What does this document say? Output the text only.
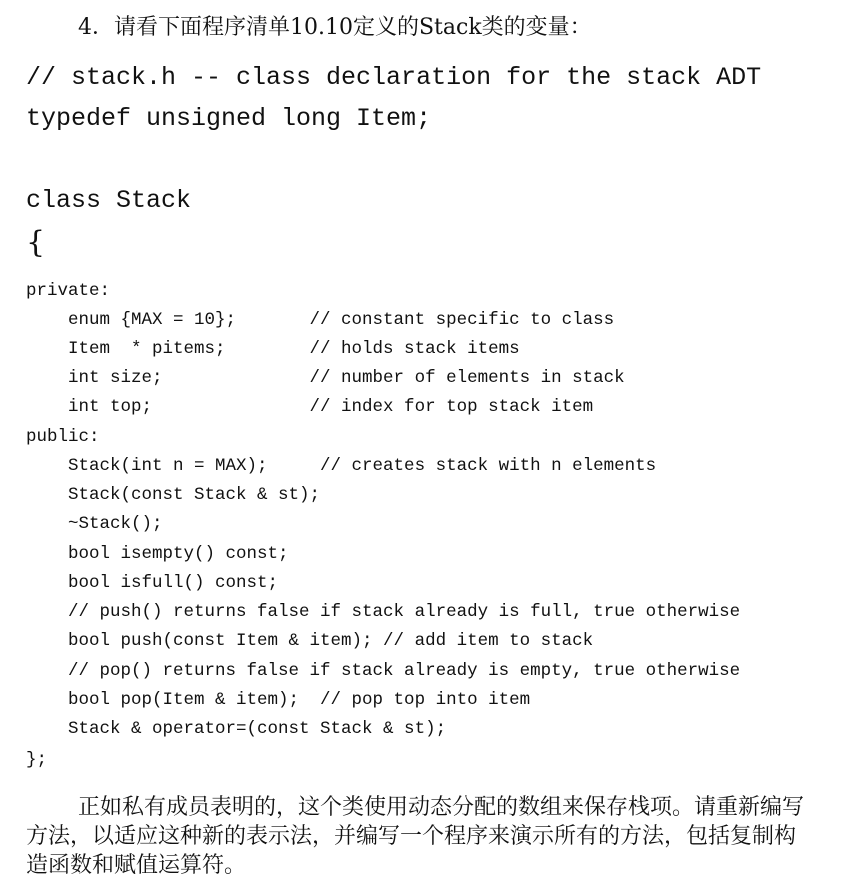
4．请看下面程序清单10.10定义的Stack类的变量：
// stack.h -- class declaration for the stack ADT
typedef unsigned long Item;
class Stack
{
private:
enum {MAX = 10};       // constant specific to class
Item  * pitems;        // holds stack items
int size;              // number of elements in stack
int top;               // index for top stack item
public:
Stack(int n = MAX);     // creates stack with n elements
Stack(const Stack & st);
~Stack();
bool isempty() const;
bool isfull() const;
// push() returns false if stack already is full, true otherwise
bool push(const Item & item); // add item to stack
// pop() returns false if stack already is empty, true otherwise
bool pop(Item & item);  // pop top into item
Stack & operator=(const Stack & st);
};
正如私有成员表明的，这个类使用动态分配的数组来保存栈项。请重新编写方法，以适应这种新的表示法，并编写一个程序来演示所有的方法，包括复制构造函数和赋值运算符。
